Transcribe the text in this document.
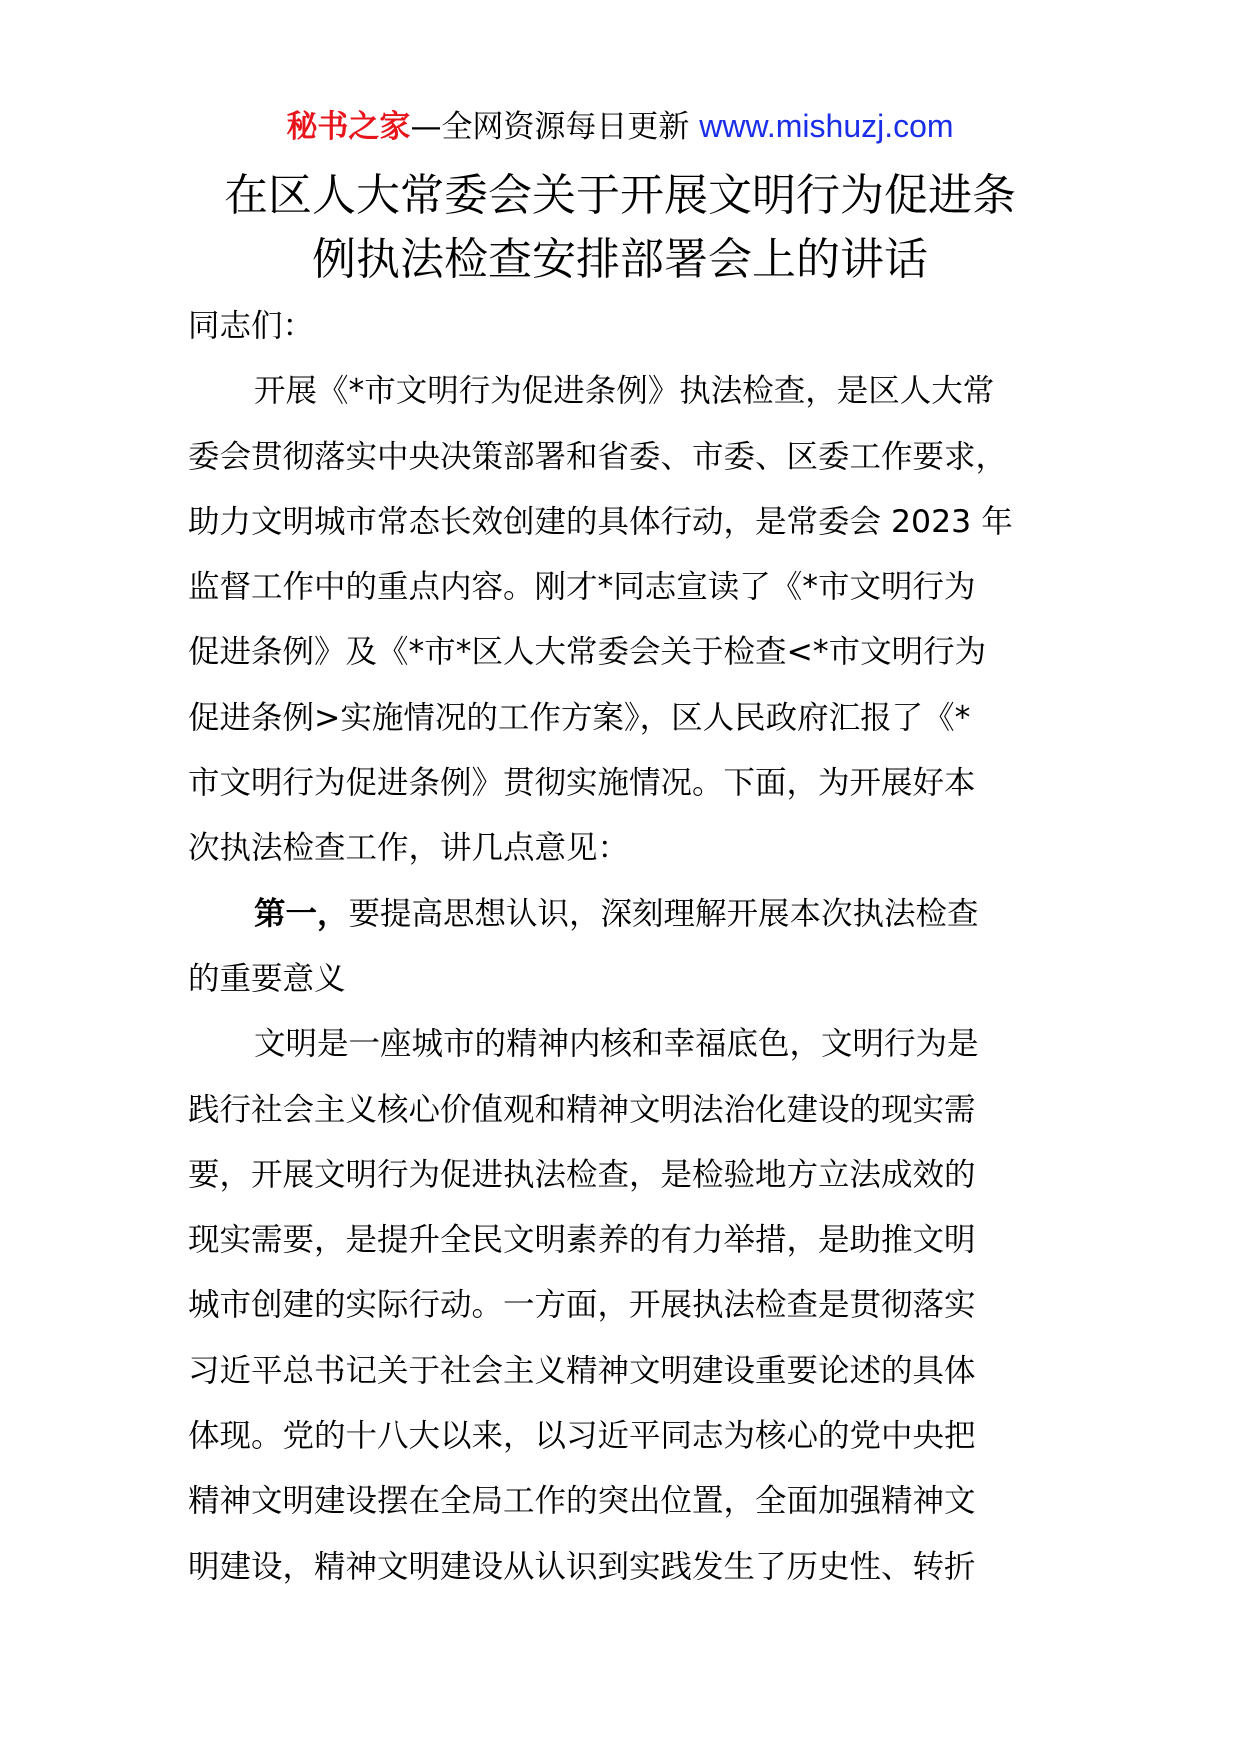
秘书之家—全网资源每日更新 www.mishuzj.com
在区人大常委会关于开展文明行为促进条
例执法检查安排部署会上的讲话
同志们：
开展《*市文明行为促进条例》执法检查，是区人大常
委会贯彻落实中央决策部署和省委、市委、区委工作要求，
助力文明城市常态长效创建的具体行动，是常委会 2023 年
监督工作中的重点内容。刚才*同志宣读了《*市文明行为
促进条例》及《*市*区人大常委会关于检查<*市文明行为
促进条例>实施情况的工作方案》，区人民政府汇报了《*
市文明行为促进条例》贯彻实施情况。下面，为开展好本
次执法检查工作，讲几点意见：
第一，要提高思想认识，深刻理解开展本次执法检查
的重要意义
文明是一座城市的精神内核和幸福底色，文明行为是
践行社会主义核心价值观和精神文明法治化建设的现实需
要，开展文明行为促进执法检查，是检验地方立法成效的
现实需要，是提升全民文明素养的有力举措，是助推文明
城市创建的实际行动。一方面，开展执法检查是贯彻落实
习近平总书记关于社会主义精神文明建设重要论述的具体
体现。党的十八大以来，以习近平同志为核心的党中央把
精神文明建设摆在全局工作的突出位置，全面加强精神文
明建设，精神文明建设从认识到实践发生了历史性、转折
